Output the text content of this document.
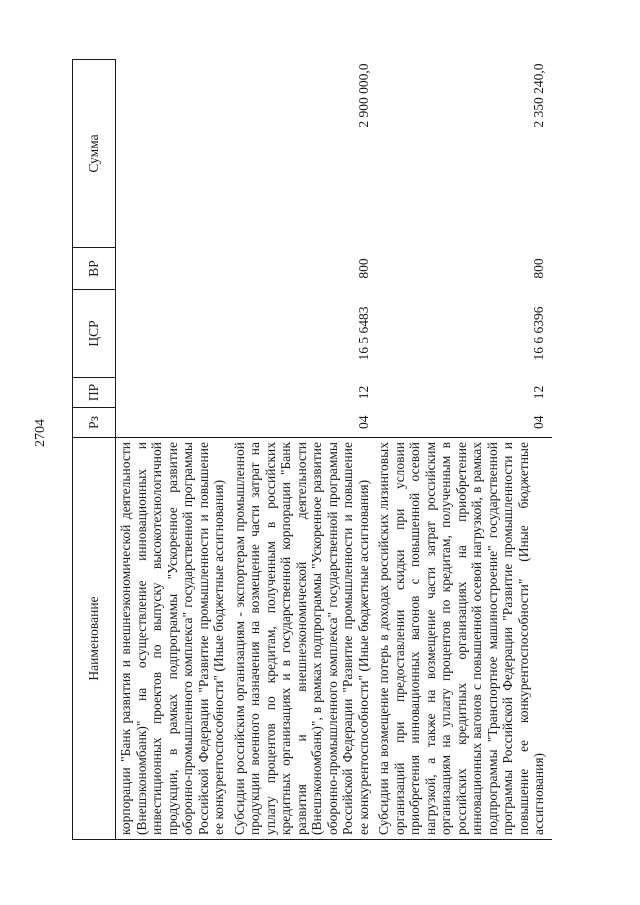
2704
Наименование	Рз	ПР	ЦСР	ВР	Сумма
корпорации "Банк развития и внешнеэкономической деятельности (Внешэкономбанк)" на осуществление инновационных и инвестиционных проектов по выпуску высокотехнологичной продукции, в рамках подпрограммы "Ускоренное развитие оборонно-промышленного комплекса" государственной программы Российской Федерации "Развитие промышленности и повышение ее конкурентоспособности" (Иные бюджетные ассигнования)					
Субсидии российским организациям - экспортерам промышленной продукции военного назначения на возмещение части затрат на уплату процентов по кредитам, полученным в российских кредитных организациях и в государственной корпорации "Банк развития и внешнеэкономической деятельности (Внешэкономбанк)", в рамках подпрограммы "Ускоренное развитие оборонно-промышленного комплекса" государственной программы Российской Федерации "Развитие промышленности и повышение ее конкурентоспособности" (Иные бюджетные ассигнования)	04	12	16 5 6483	800	2 900 000,0
Субсидии на возмещение потерь в доходах российских лизинговых организаций при предоставлении скидки при условии приобретения инновационных вагонов с повышенной осевой нагрузкой, а также на возмещение части затрат российским организациям на уплату процентов по кредитам, полученным в российских кредитных организациях на приобретение инновационных вагонов с повышенной осевой нагрузкой, в рамках подпрограммы "Транспортное машиностроение" государственной программы Российской Федерации "Развитие промышленности и повышение ее конкурентоспособности" (Иные бюджетные ассигнования)	04	12	16 6 6396	800	2 350 240,0
